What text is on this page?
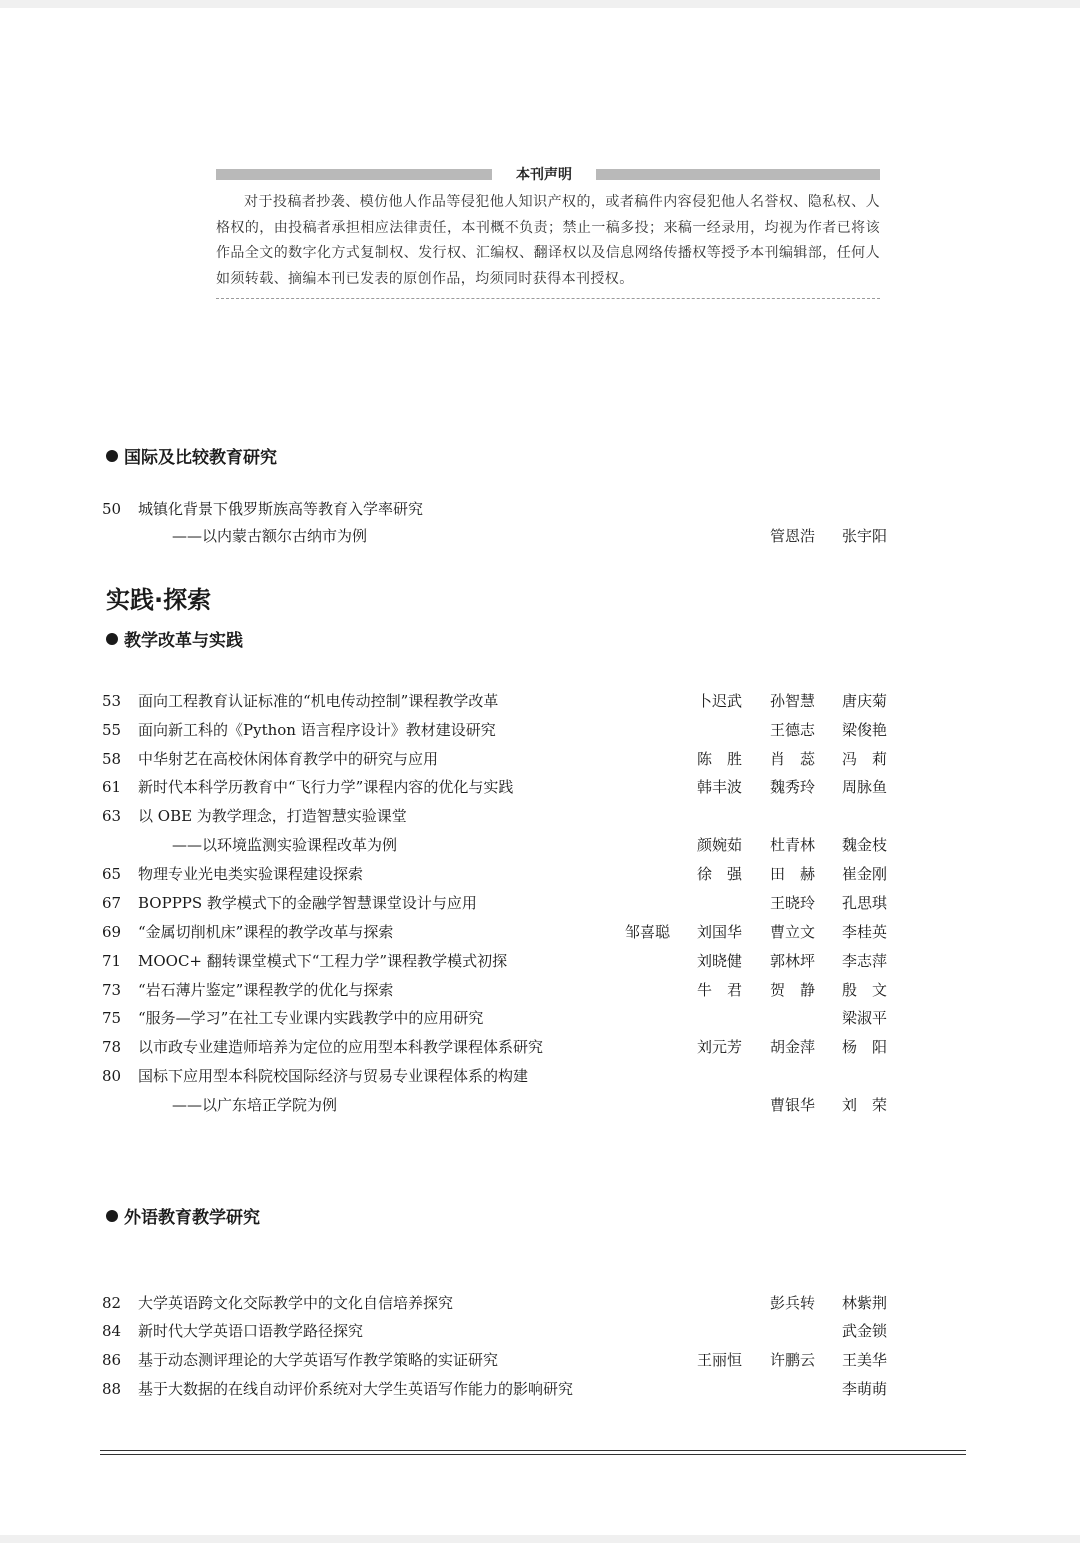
本刊声明
对于投稿者抄袭、模仿他人作品等侵犯他人知识产权的，或者稿件内容侵犯他人名誉权、隐私权、人格权的，由投稿者承担相应法律责任，本刊概不负责；禁止一稿多投；来稿一经录用，均视为作者已将该作品全文的数字化方式复制权、发行权、汇编权、翻译权以及信息网络传播权等授予本刊编辑部，任何人如须转载、摘编本刊已发表的原创作品，均须同时获得本刊授权。
国际及比较教育研究
50	城镇化背景下俄罗斯族高等教育入学率研究
——以内蒙古额尔古纳市为例	管恩浩	张宇阳
实践·探索
教学改革与实践
53	面向工程教育认证标准的“机电传动控制”课程教学改革	卜迟武	孙智慧	唐庆菊
55	面向新工科的《Python 语言程序设计》教材建设研究	王德志	梁俊艳
58	中华射艺在高校休闲体育教学中的研究与应用	陈　胜	肖　蕊	冯　莉
61	新时代本科学历教育中“飞行力学”课程内容的优化与实践	韩丰波	魏秀玲	周脉鱼
63	以 OBE 为教学理念，打造智慧实验课堂
——以环境监测实验课程改革为例	颜婉茹	杜青林	魏金枝
65	物理专业光电类实验课程建设探索	徐　强	田　赫	崔金刚
67	BOPPPS 教学模式下的金融学智慧课堂设计与应用	王晓玲	孔思琪
69	“金属切削机床”课程的教学改革与探索	邹喜聪	刘国华	曹立文	李桂英
71	MOOC+ 翻转课堂模式下“工程力学”课程教学模式初探	刘晓健	郭林坪	李志萍
73	“岩石薄片鉴定”课程教学的优化与探索	牛　君	贺　静	殷　文
75	“服务—学习”在社工专业课内实践教学中的应用研究	梁淑平
78	以市政专业建造师培养为定位的应用型本科教学课程体系研究	刘元芳	胡金萍	杨　阳
80	国标下应用型本科院校国际经济与贸易专业课程体系的构建
——以广东培正学院为例	曹银华	刘　荣
外语教育教学研究
82	大学英语跨文化交际教学中的文化自信培养探究	彭兵转	林紫荆
84	新时代大学英语口语教学路径探究	武金锁
86	基于动态测评理论的大学英语写作教学策略的实证研究	王丽恒	许鹏云	王美华
88	基于大数据的在线自动评价系统对大学生英语写作能力的影响研究	李萌萌
